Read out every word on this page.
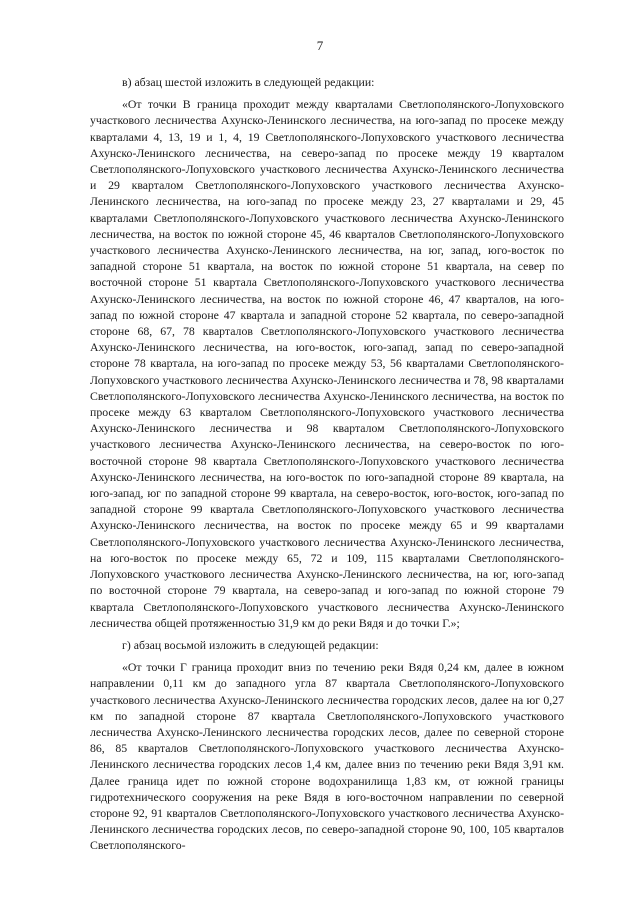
7

в) абзац шестой изложить в следующей редакции:

«От точки В граница проходит между кварталами Светлополянского-Лопуховского участкового лесничества Ахунско-Ленинского лесничества, на юго-запад по просеке между кварталами 4, 13, 19 и 1, 4, 19 Светлополянского-Лопуховского участкового лесничества Ахунско-Ленинского лесничества, на северо-запад по просеке между 19 кварталом Светлополянского-Лопуховского участкового лесничества Ахунско-Ленинского лесничества и 29 кварталом Светлополянского-Лопуховского участкового лесничества Ахунско-Ленинского лесничества, на юго-запад по просеке между 23, 27 кварталами и 29, 45 кварталами Светлополянского-Лопуховского участкового лесничества Ахунско-Ленинского лесничества, на восток по южной стороне 45, 46 кварталов Светлополянского-Лопуховского участкового лесничества Ахунско-Ленинского лесничества, на юг, запад, юго-восток по западной стороне 51 квартала, на восток по южной стороне 51 квартала, на север по восточной стороне 51 квартала Светлополянского-Лопуховского участкового лесничества Ахунско-Ленинского лесничества, на восток по южной стороне 46, 47 кварталов, на юго-запад по южной стороне 47 квартала и западной стороне 52 квартала, по северо-западной стороне 68, 67, 78 кварталов Светлополянского-Лопуховского участкового лесничества Ахунско-Ленинского лесничества, на юго-восток, юго-запад, запад по северо-западной стороне 78 квартала, на юго-запад по просеке между 53, 56 кварталами Светлополянского-Лопуховского участкового лесничества Ахунско-Ленинского лесничества и 78, 98 кварталами Светлополянского-Лопуховского лесничества Ахунско-Ленинского лесничества, на восток по просеке между 63 кварталом Светлополянского-Лопуховского участкового лесничества Ахунско-Ленинского лесничества и 98 кварталом Светлополянского-Лопуховского участкового лесничества Ахунско-Ленинского лесничества, на северо-восток по юго-восточной стороне 98 квартала Светлополянского-Лопуховского участкового лесничества Ахунско-Ленинского лесничества, на юго-восток по юго-западной стороне 89 квартала, на юго-запад, юг по западной стороне 99 квартала, на северо-восток, юго-восток, юго-запад по западной стороне 99 квартала Светлополянского-Лопуховского участкового лесничества Ахунско-Ленинского лесничества, на восток по просеке между 65 и 99 кварталами Светлополянского-Лопуховского участкового лесничества Ахунско-Ленинского лесничества, на юго-восток по просеке между 65, 72 и 109, 115 кварталами Светлополянского-Лопуховского участкового лесничества Ахунско-Ленинского лесничества, на юг, юго-запад по восточной стороне 79 квартала, на северо-запад и юго-запад по южной стороне 79 квартала Светлополянского-Лопуховского участкового лесничества Ахунско-Ленинского лесничества общей протяженностью 31,9 км до реки Вядя и до точки Г.»;

г) абзац восьмой изложить в следующей редакции:

«От точки Г граница проходит вниз по течению реки Вядя 0,24 км, далее в южном направлении 0,11 км до западного угла 87 квартала Светлополянского-Лопуховского участкового лесничества Ахунско-Ленинского лесничества городских лесов, далее на юг 0,27 км по западной стороне 87 квартала Светлополянского-Лопуховского участкового лесничества Ахунско-Ленинского лесничества городских лесов, далее по северной стороне 86, 85 кварталов Светлополянского-Лопуховского участкового лесничества Ахунско-Ленинского лесничества городских лесов 1,4 км, далее вниз по течению реки Вядя 3,91 км. Далее граница идет по южной стороне водохранилища 1,83 км, от южной границы гидротехнического сооружения на реке Вядя в юго-восточном направлении по северной стороне 92, 91 кварталов Светлополянского-Лопуховского участкового лесничества Ахунско-Ленинского лесничества городских лесов, по северо-западной стороне 90, 100, 105 кварталов Светлополянского-
